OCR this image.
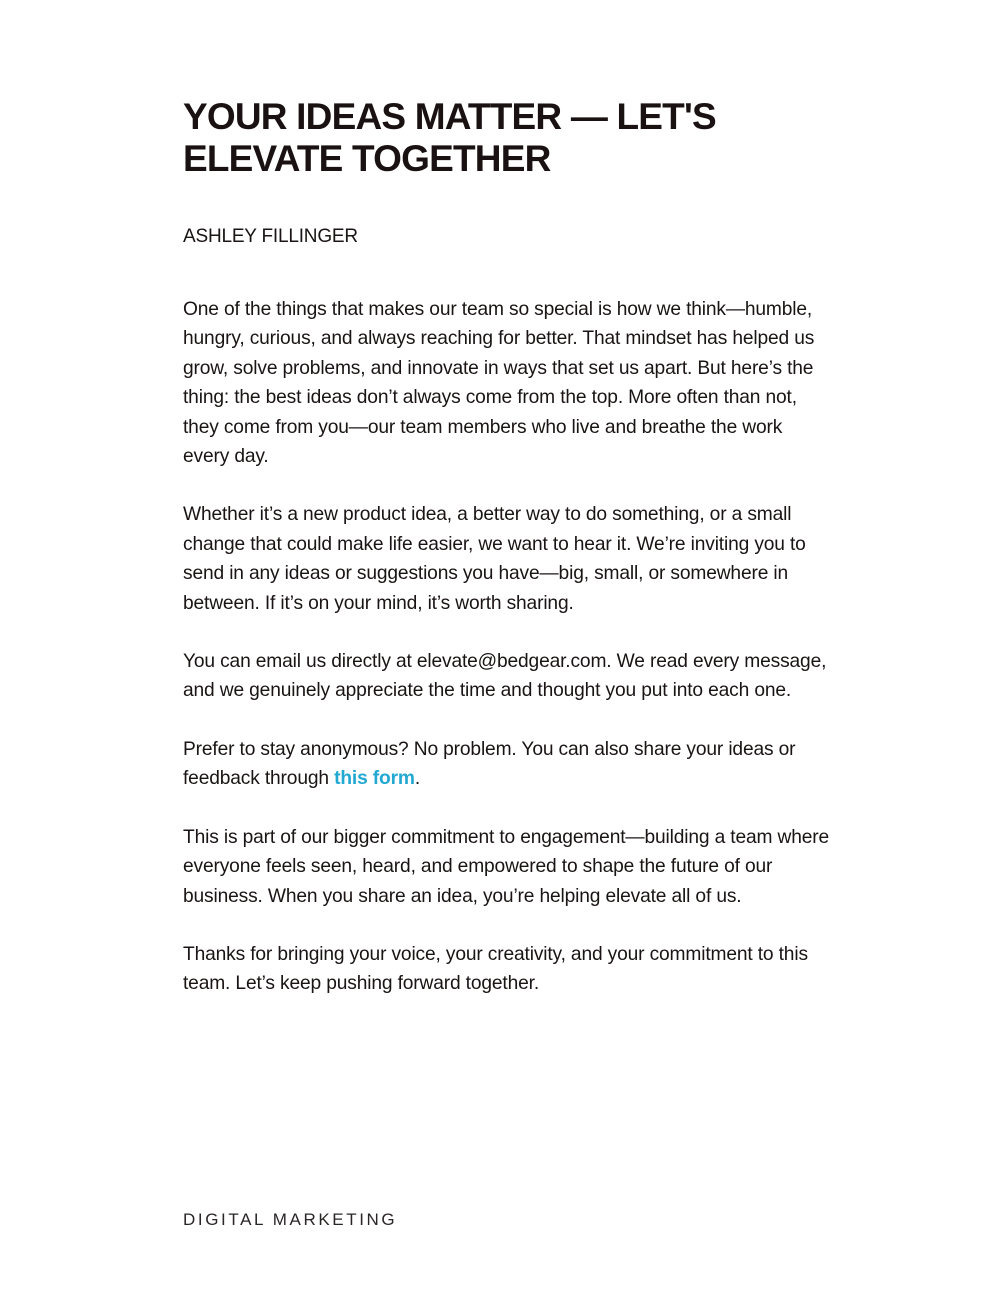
YOUR IDEAS MATTER — LET'S
ELEVATE TOGETHER
ASHLEY FILLINGER

One of the things that makes our team so special is how we think—humble, hungry, curious, and always reaching for better. That mindset has helped us grow, solve problems, and innovate in ways that set us apart. But here’s the thing: the best ideas don’t always come from the top. More often than not, they come from you—our team members who live and breathe the work every day.

Whether it’s a new product idea, a better way to do something, or a small change that could make life easier, we want to hear it. We’re inviting you to send in any ideas or suggestions you have—big, small, or somewhere in between. If it’s on your mind, it’s worth sharing.

You can email us directly at elevate@bedgear.com. We read every message, and we genuinely appreciate the time and thought you put into each one.

Prefer to stay anonymous? No problem. You can also share your ideas or feedback through this form.

This is part of our bigger commitment to engagement—building a team where everyone feels seen, heard, and empowered to shape the future of our business. When you share an idea, you’re helping elevate all of us.

Thanks for bringing your voice, your creativity, and your commitment to this team. Let’s keep pushing forward together.

DIGITAL MARKETING
